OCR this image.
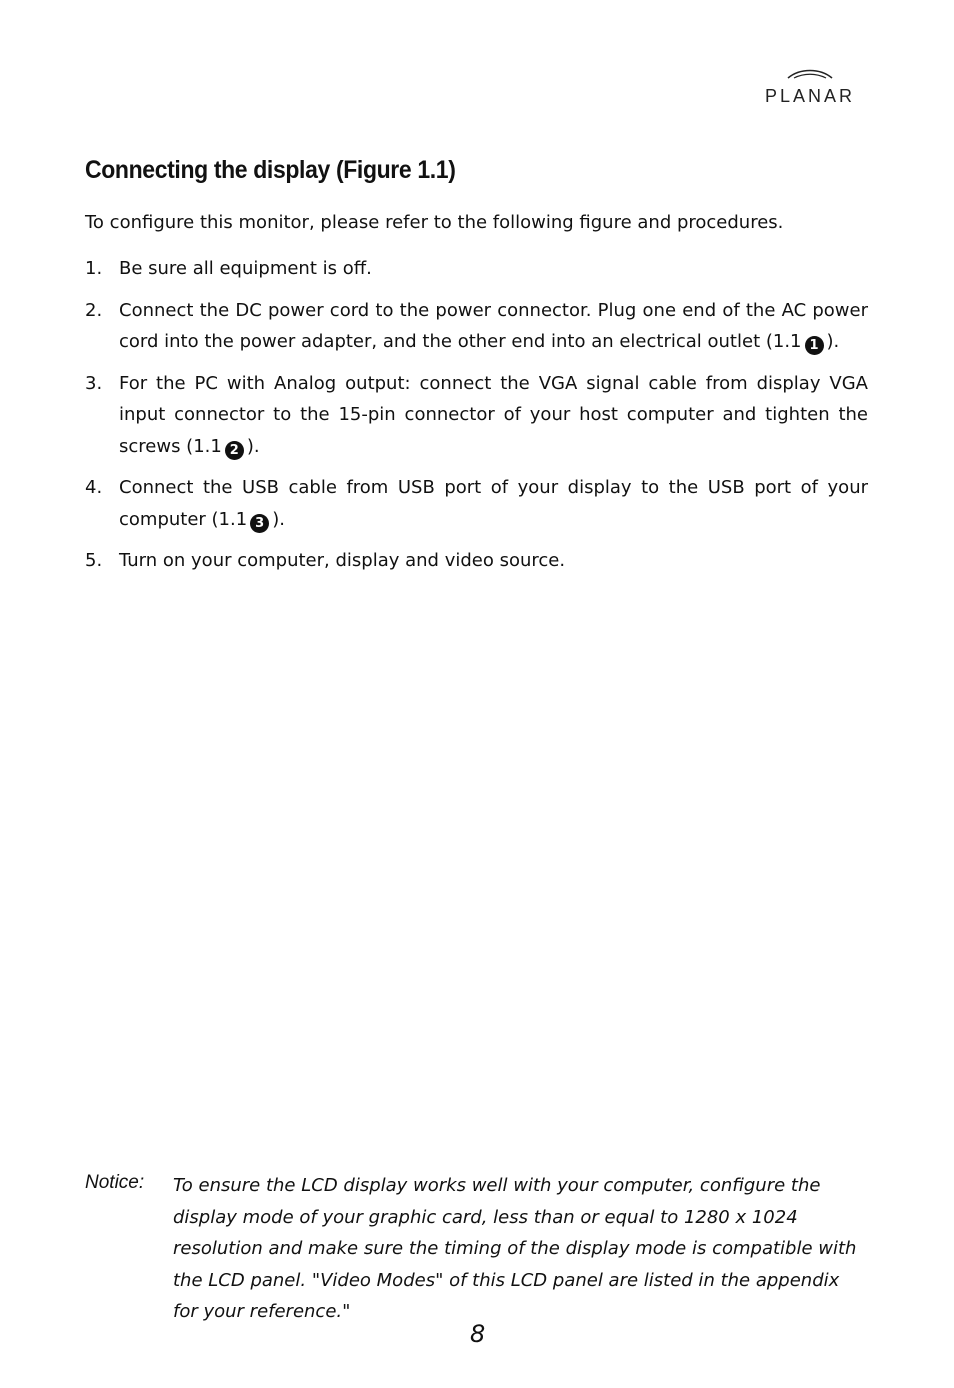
PLANAR
Connecting the display (Figure 1.1)
To configure this monitor, please refer to the following figure and procedures.
1. Be sure all equipment is off.
2. Connect the DC power cord to the power connector. Plug one end of the AC power cord into the power adapter, and the other end into an electrical outlet (1.1 1 ).
3. For the PC with Analog output: connect the VGA signal cable from display VGA input connector to the 15-pin connector of your host computer and tighten the screws (1.1 2 ).
4. Connect the USB cable from USB port of your display to the USB port of your computer (1.1 3 ).
5. Turn on your computer, display and video source.
Notice: To ensure the LCD display works well with your computer, configure the display mode of your graphic card, less than or equal to 1280 x 1024 resolution and make sure the timing of the display mode is compatible with the LCD panel. "Video Modes" of this LCD panel are listed in the appendix for your reference."
8
